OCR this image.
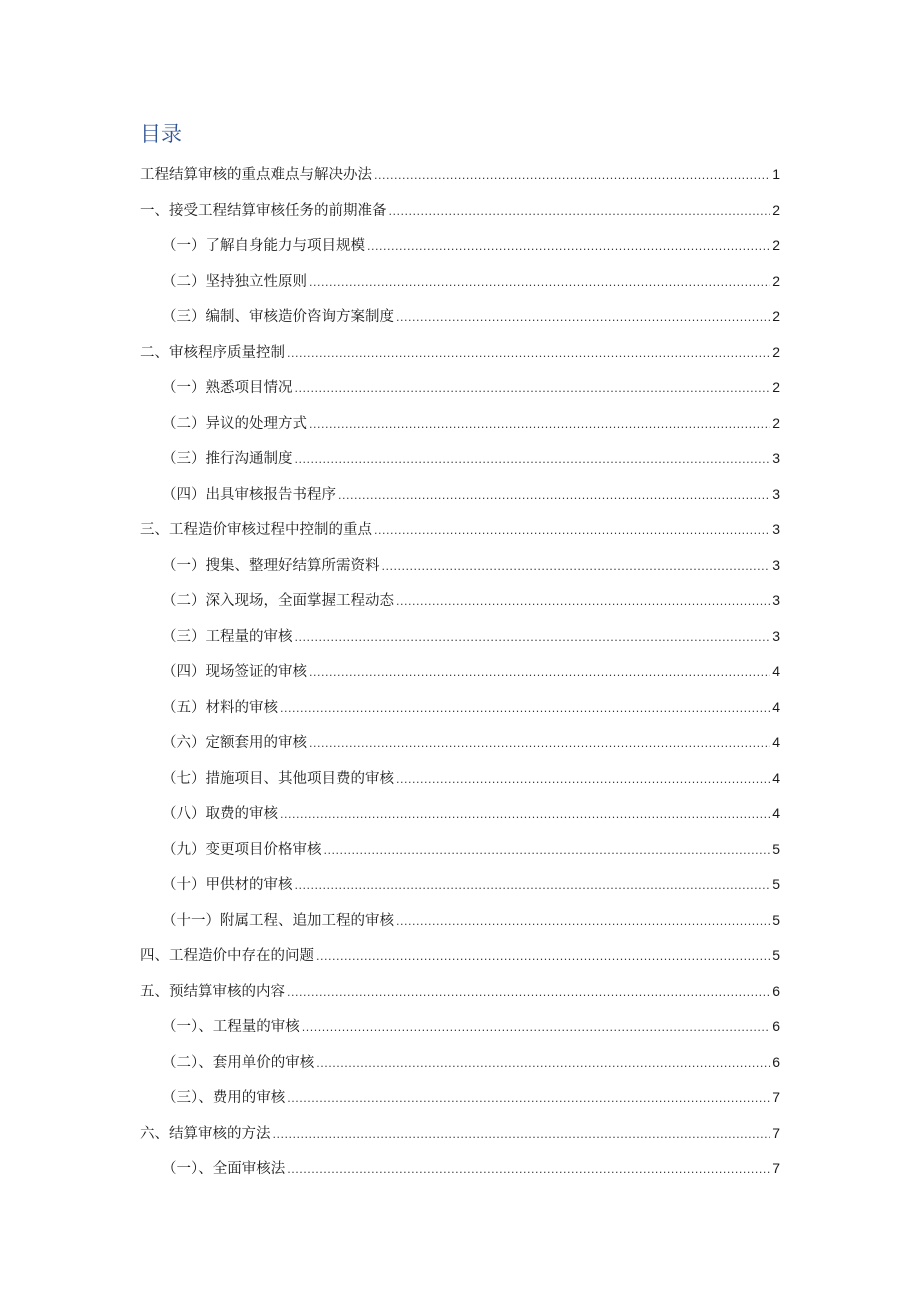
目录
工程结算审核的重点难点与解决办法 .....	1
一、接受工程结算审核任务的前期准备 .....	2
（一）了解自身能力与项目规模 .....	2
（二）坚持独立性原则 .....	2
（三）编制、审核造价咨询方案制度 .....	2
二、审核程序质量控制 .....	2
（一）熟悉项目情况 .....	2
（二）异议的处理方式 .....	2
（三）推行沟通制度 .....	3
（四）出具审核报告书程序 .....	3
三、工程造价审核过程中控制的重点 .....	3
（一）搜集、整理好结算所需资料 .....	3
（二）深入现场，全面掌握工程动态 .....	3
（三）工程量的审核 .....	3
（四）现场签证的审核 .....	4
（五）材料的审核 .....	4
（六）定额套用的审核 .....	4
（七）措施项目、其他项目费的审核 .....	4
（八）取费的审核 .....	4
（九）变更项目价格审核 .....	5
（十）甲供材的审核 .....	5
（十一）附属工程、追加工程的审核 .....	5
四、工程造价中存在的问题 .....	5
五、预结算审核的内容 .....	6
（一）、工程量的审核 .....	6
（二）、套用单价的审核 .....	6
（三）、费用的审核 .....	7
六、结算审核的方法 .....	7
（一）、全面审核法 .....	7
